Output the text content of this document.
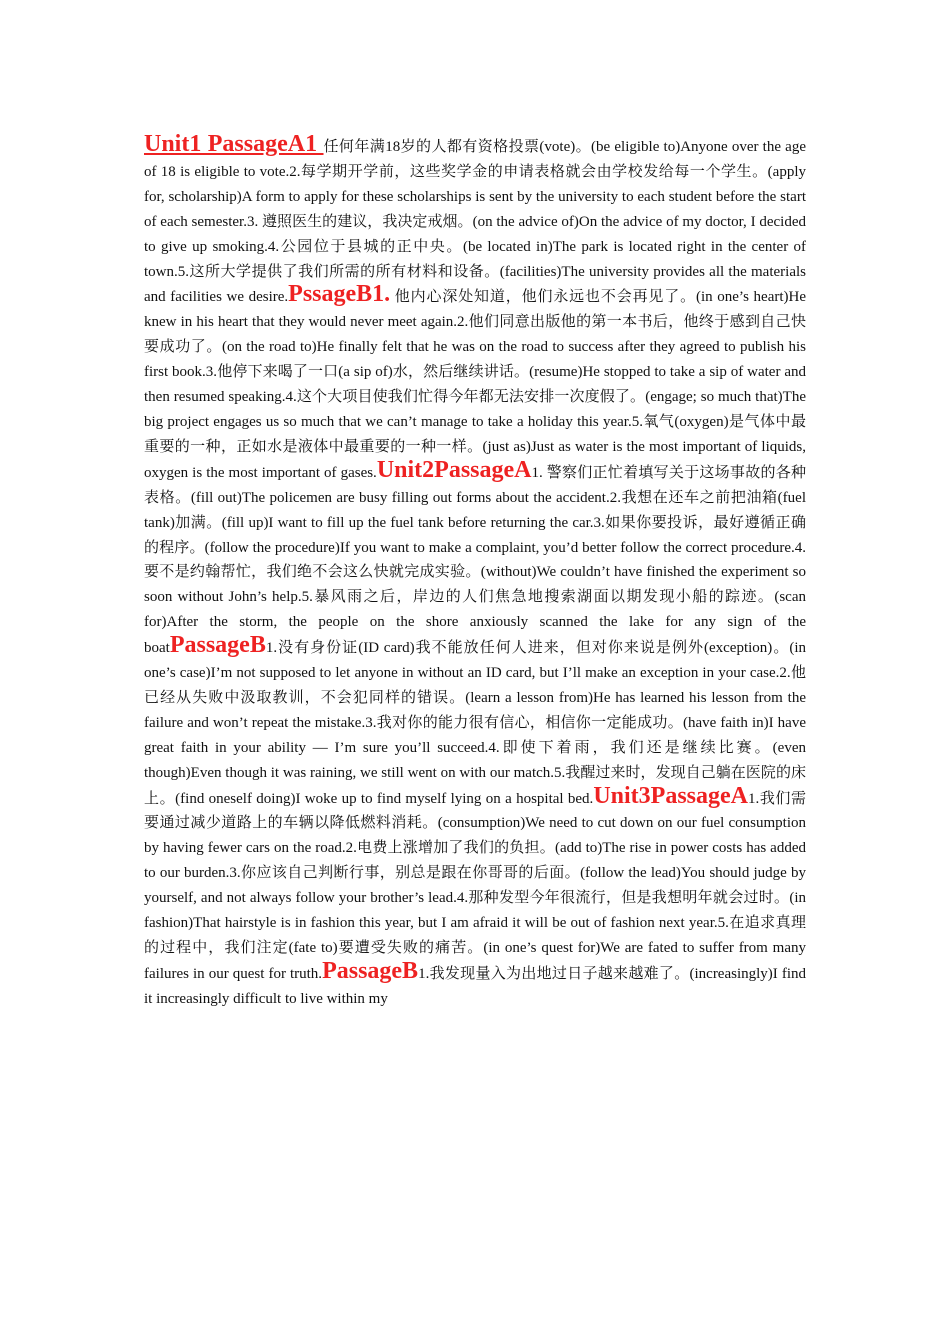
Unit1 PassageA1 任何年满18岁的人都有资格投票(vote)。(be eligible to)Anyone over the age of 18 is eligible to vote.2.每学期开学前，这些奖学金的申请表格就会由学校发给每一个学生。(apply for, scholarship)A form to apply for these scholarships is sent by the university to each student before the start of each semester.3. 遵照医生的建议，我决定戒烟。(on the advice of)On the advice of my doctor, I decided to give up smoking.4.公园位于县城的正中央。(be located in)The park is located right in the center of town.5.这所大学提供了我们所需的所有材料和设备。(facilities)The university provides all the materials and facilities we desire.PssageB1. 他内心深处知道，他们永远也不会再见了。(in one’s heart)He knew in his heart that they would never meet again.2.他们同意出版他的第一本书后，他终于感到自己快要成功了。(on the road to)He finally felt that he was on the road to success after they agreed to publish his first book.3.他停下来喝了一口(a sip of)水，然后继续讲话。(resume)He stopped to take a sip of water and then resumed speaking.4.这个大项目使我们忙得今年都无法安排一次度假了。(engage; so much that)The big project engages us so much that we can’t manage to take a holiday this year.5.氧气(oxygen)是气体中最重要的一种，正如水是液体中最重要的一种一样。(just as)Just as water is the most important of liquids, oxygen is the most important of gases.Unit2PassageA1. 警察们正忙着填写关于这场事故的各种表格。(fill out)The policemen are busy filling out forms about the accident.2.我想在还车之前把油箱(fuel tank)加满。(fill up)I want to fill up the fuel tank before returning the car.3.如果你要投诉，最好遵循正确的程序。(follow the procedure)If you want to make a complaint, you’d better follow the correct procedure.4.要不是约翰帮忙，我们绝不会这么快就完成实验。(without)We couldn’t have finished the experiment so soon without John’s help.5.暴风雨之后，岸边的人们焦急地搜索湖面以期发现小船的踪迹。(scan for)After the storm, the people on the shore anxiously scanned the lake for any sign of the boatPassageB1.没有身份证(ID card)我不能放任何人进来，但对你来说是例外(exception)。(in one’s case)I’m not supposed to let anyone in without an ID card, but I’ll make an exception in your case.2.他已经从失败中汲取教训，不会犯同样的错误。(learn a lesson from)He has learned his lesson from the failure and won’t repeat the mistake.3.我对你的能力很有信心，相信你一定能成功。(have faith in)I have great faith in your ability — I’m sure you’ll succeed.4.即使下着雨，我们还是继续比赛。(even though)Even though it was raining, we still went on with our match.5.我醒过来时，发现自己躺在医院的床上。(find oneself doing)I woke up to find myself lying on a hospital bed.Unit3PassageA1.我们需要通过减少道路上的车辆以降低燃料消耗。(consumption)We need to cut down on our fuel consumption by having fewer cars on the road.2.电费上涨增加了我们的负担。(add to)The rise in power costs has added to our burden.3.你应该自己判断行事，别总是跟在你哥哥的后面。(follow the lead)You should judge by yourself, and not always follow your brother’s lead.4.那种发型今年很流行，但是我想明年就会过时。(in fashion)That hairstyle is in fashion this year, but I am afraid it will be out of fashion next year.5.在追求真理的过程中，我们注定(fate to)要遭受失败的痛苦。(in one’s quest for)We are fated to suffer from many failures in our quest for truth.PassageB1.我发现量入为出地过日子越来越难了。(increasingly)I find it increasingly difficult to live within my
